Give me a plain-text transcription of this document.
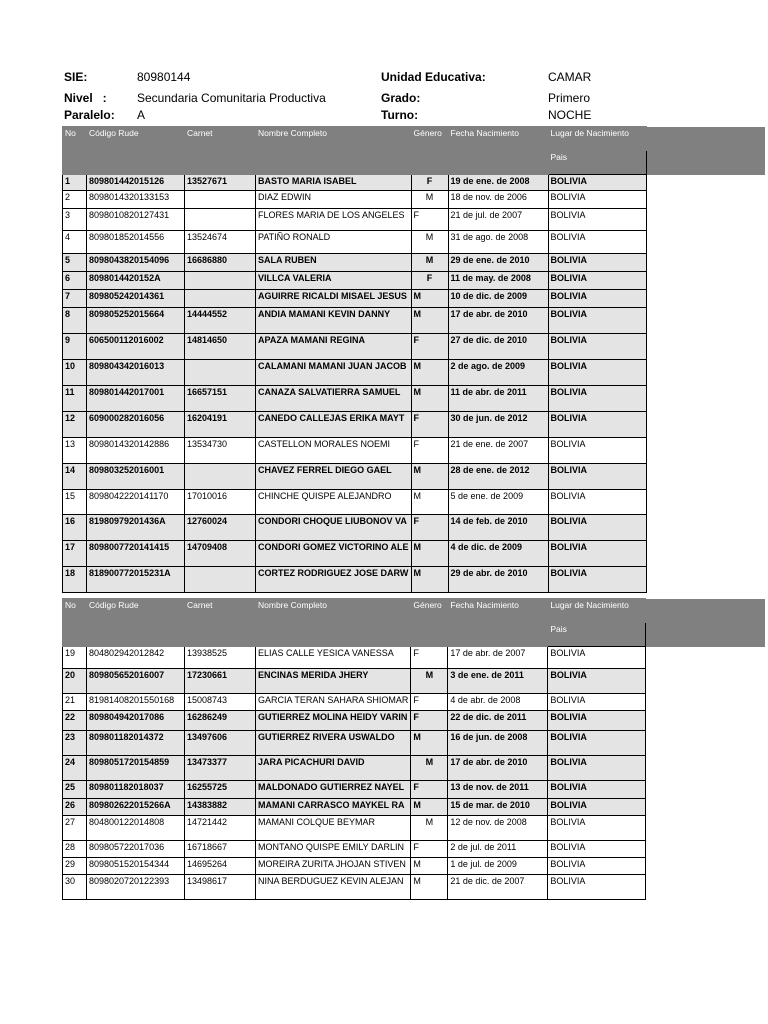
SIE:	80980144	Unidad Educativa:	CAMAR
Nivel   :	Secundaria Comunitaria Productiva	Grado:	Primero
Paralelo: A	Turno:	NOCHE
No	Código Rude	Carnet	Nombre Completo	Género	Fecha Nacimiento	Lugar de Nacimiento	
						Pais	
1	809801442015126	13527671	BASTO MARIA ISABEL	F	19 de ene. de 2008	BOLIVIA	
2	809801432013315​3		DIAZ EDWIN	M	18 de nov. de 2006	BOLIVIA	
3	8098010820127431		FLORES MARIA DE LOS ANGELES	F	21 de jul. de 2007	BOLIVIA	
4	809801852014556	13524674	PATIÑO RONALD	M	31 de ago. de 2008	BOLIVIA	
5	809804382015409​6	16686880	SALA RUBEN	M	29 de ene. de 2010	BOLIVIA	
6	8098014420152A		VILLCA VALERIA	F	11 de may. de 2008	BOLIVIA	
7	809805242014361		AGUIRRE RICALDI MISAEL JESUS	M	10 de dic. de 2009	BOLIVIA	
8	809805252015664	14444552	ANDIA MAMANI KEVIN DANNY	M	17 de abr. de 2010	BOLIVIA	
9	606500112016002	14814650	APAZA MAMANI REGINA	F	27 de dic. de 2010	BOLIVIA	
10	809804342016013		CALAMANI MAMANI JUAN JACOB	M	2 de ago. de 2009	BOLIVIA	
11	809801442017001	16657151	CANAZA SALVATIERRA SAMUEL	M	11 de abr. de 2011	BOLIVIA	
12	609000282016056	16204191	CANEDO CALLEJAS ERIKA MAYT	F	30 de jun. de 2012	BOLIVIA	
13	8098014320142886	13534730	CASTELLON MORALES NOEMI	F	21 de ene. de 2007	BOLIVIA	
14	809803252016001		CHAVEZ FERREL DIEGO GAEL	M	28 de ene. de 2012	BOLIVIA	
15	8098042220141170	17010016	CHINCHE QUISPE ALEJANDRO	M	5 de ene. de 2009	BOLIVIA	
16	81980979201436A	12760024	CONDORI CHOQUE LIUBONOV VA	F	14 de feb. de 2010	BOLIVIA	
17	8098007720141415	14709408	CONDORI GOMEZ VICTORINO ALE	M	4 de dic. de 2009	BOLIVIA	
18	818900772015231A		CORTEZ RODRIGUEZ JOSE DARW	M	29 de abr. de 2010	BOLIVIA	
No	Código Rude	Carnet	Nombre Completo	Género	Fecha Nacimiento	Lugar de Nacimiento	
						Pais	
19	804802942012842	13938525	ELIAS CALLE YESICA VANESSA	F	17 de abr. de 2007	BOLIVIA	
20	809805652016007	17230661	ENCINAS MERIDA JHERY	M	3 de ene. de 2011	BOLIVIA	
21	81981408201550168	15008743	GARCIA TERAN SAHARA SHIOMAR	F	4 de abr. de 2008	BOLIVIA	
22	809804942017086	16286249	GUTIERREZ MOLINA HEIDY VARIN	F	22 de dic. de 2011	BOLIVIA	
23	809801182014372	13497606	GUTIERREZ RIVERA USWALDO	M	16 de jun. de 2008	BOLIVIA	
24	8098051720154859	13473377	JARA PICACHURI DAVID	M	17 de abr. de 2010	BOLIVIA	
25	809801182018037	16255725	MALDONADO GUTIERREZ NAYEL	F	13 de nov. de 2011	BOLIVIA	
26	809802622015266A	14383882	MAMANI CARRASCO MAYKEL RA	M	15 de mar. de 2010	BOLIVIA	
27	804800122014808	14721442	MAMANI COLQUE BEYMAR	M	12 de nov. de 2008	BOLIVIA	
28	8098057220170​36	16718667	MONTANO QUISPE EMILY DARLIN	F	2 de jul. de 2011	BOLIVIA	
29	8098051520154344	14695264	MOREIRA ZURITA JHOJAN STIVEN	M	1 de jul. de 2009	BOLIVIA	
30	8098020720122393	13498617	NINA BERDUGUEZ KEVIN ALEJAN	M	21 de dic. de 2007	BOLIVIA	
